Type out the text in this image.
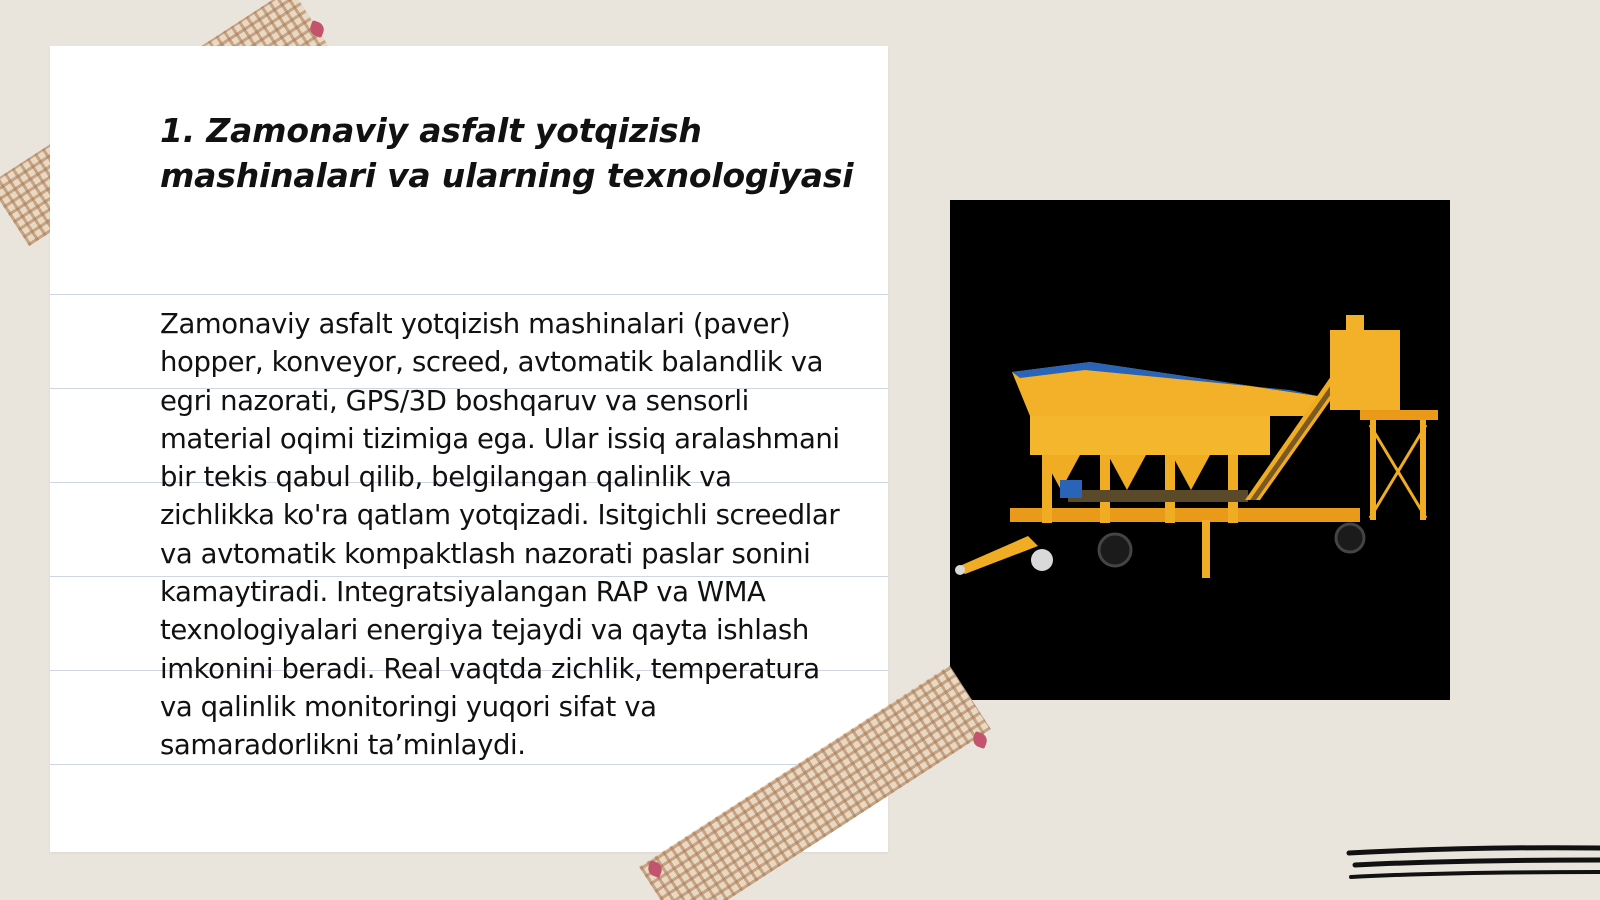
1. Zamonaviy asfalt yotqizish mashinalari va ularning texnologiyasi

Zamonaviy asfalt yotqizish mashinalari (paver) hopper, konveyor, screed, avtomatik balandlik va egri nazorati, GPS/3D boshqaruv va sensorli material oqimi tizimiga ega. Ular issiq aralashmani bir tekis qabul qilib, belgilangan qalinlik va zichlikka ko'ra qatlam yotqizadi. Isitgichli screedlar va avtomatik kompaktlash nazorati paslar sonini kamaytiradi. Integratsiyalangan RAP va WMA texnologiyalari energiya tejaydi va qayta ishlash imkonini beradi. Real vaqtda zichlik, temperatura va qalinlik monitoringi yuqori sifat va samaradorlikni ta’minlaydi.
